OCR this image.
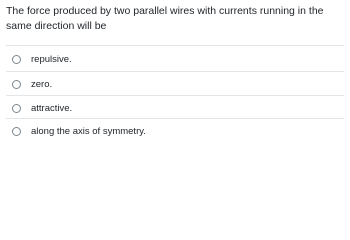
The force produced by two parallel wires with currents running in the same direction will be
repulsive.
zero.
attractive.
along the axis of symmetry.
